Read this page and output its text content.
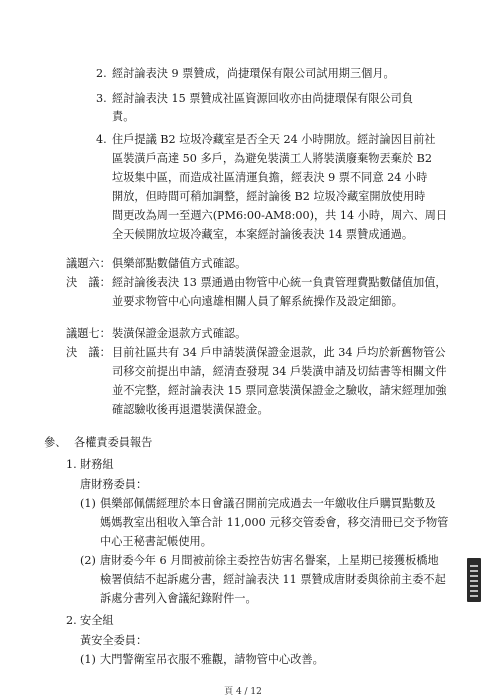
2. 經討論表決 9 票贊成，尚捷環保有限公司試用期三個月。
3. 經討論表決 15 票贊成社區資源回收亦由尚捷環保有限公司負
責。
4. 住戶提議 B2 垃圾冷藏室是否全天 24 小時開放。經討論因目前社
區裝潢戶高達 50 多戶，為避免裝潢工人將裝潢廢棄物丟棄於 B2
垃圾集中區，而造成社區清運負擔，經表決 9 票不同意 24 小時
開放，但時間可稍加調整，經討論後 B2 垃圾冷藏室開放使用時
間更改為周一至週六(PM6:00-AM8:00)，共 14 小時，周六、周日
全天候開放垃圾冷藏室，本案經討論後表決 14 票贊成通過。
議題六： 俱樂部點數儲值方式確認。
決　議： 經討論後表決 13 票通過由物管中心統一負責管理費點數儲值加值，
並要求物管中心向遠雄相關人員了解系統操作及設定細節。
議題七： 裝潢保證金退款方式確認。
決　議： 目前社區共有 34 戶申請裝潢保證金退款，此 34 戶均於新舊物管公
司移交前提出申請，經清查發現 34 戶裝潢申請及切結書等相關文件
並不完整，經討論表決 15 票同意裝潢保證金之驗收，請宋經理加強
確認驗收後再退還裝潢保證金。
參、 各權責委員報告
1. 財務組
唐財務委員：
(1) 俱樂部佩儒經理於本日會議召開前完成過去一年繳收住戶購買點數及
媽媽教室出租收入筆合計 11,000 元移交管委會，移交清冊已交予物管
中心王秘書記帳使用。
(2) 唐財委今年 6 月間被前徐主委控告妨害名譽案，上星期已接獲板橋地
檢署偵結不起訴處分書，經討論表決 11 票贊成唐財委與徐前主委不起
訴處分書列入會議紀錄附件一。
2. 安全組
黃安全委員：
(1) 大門警衛室吊衣服不雅觀，請物管中心改善。
頁 4 / 12
